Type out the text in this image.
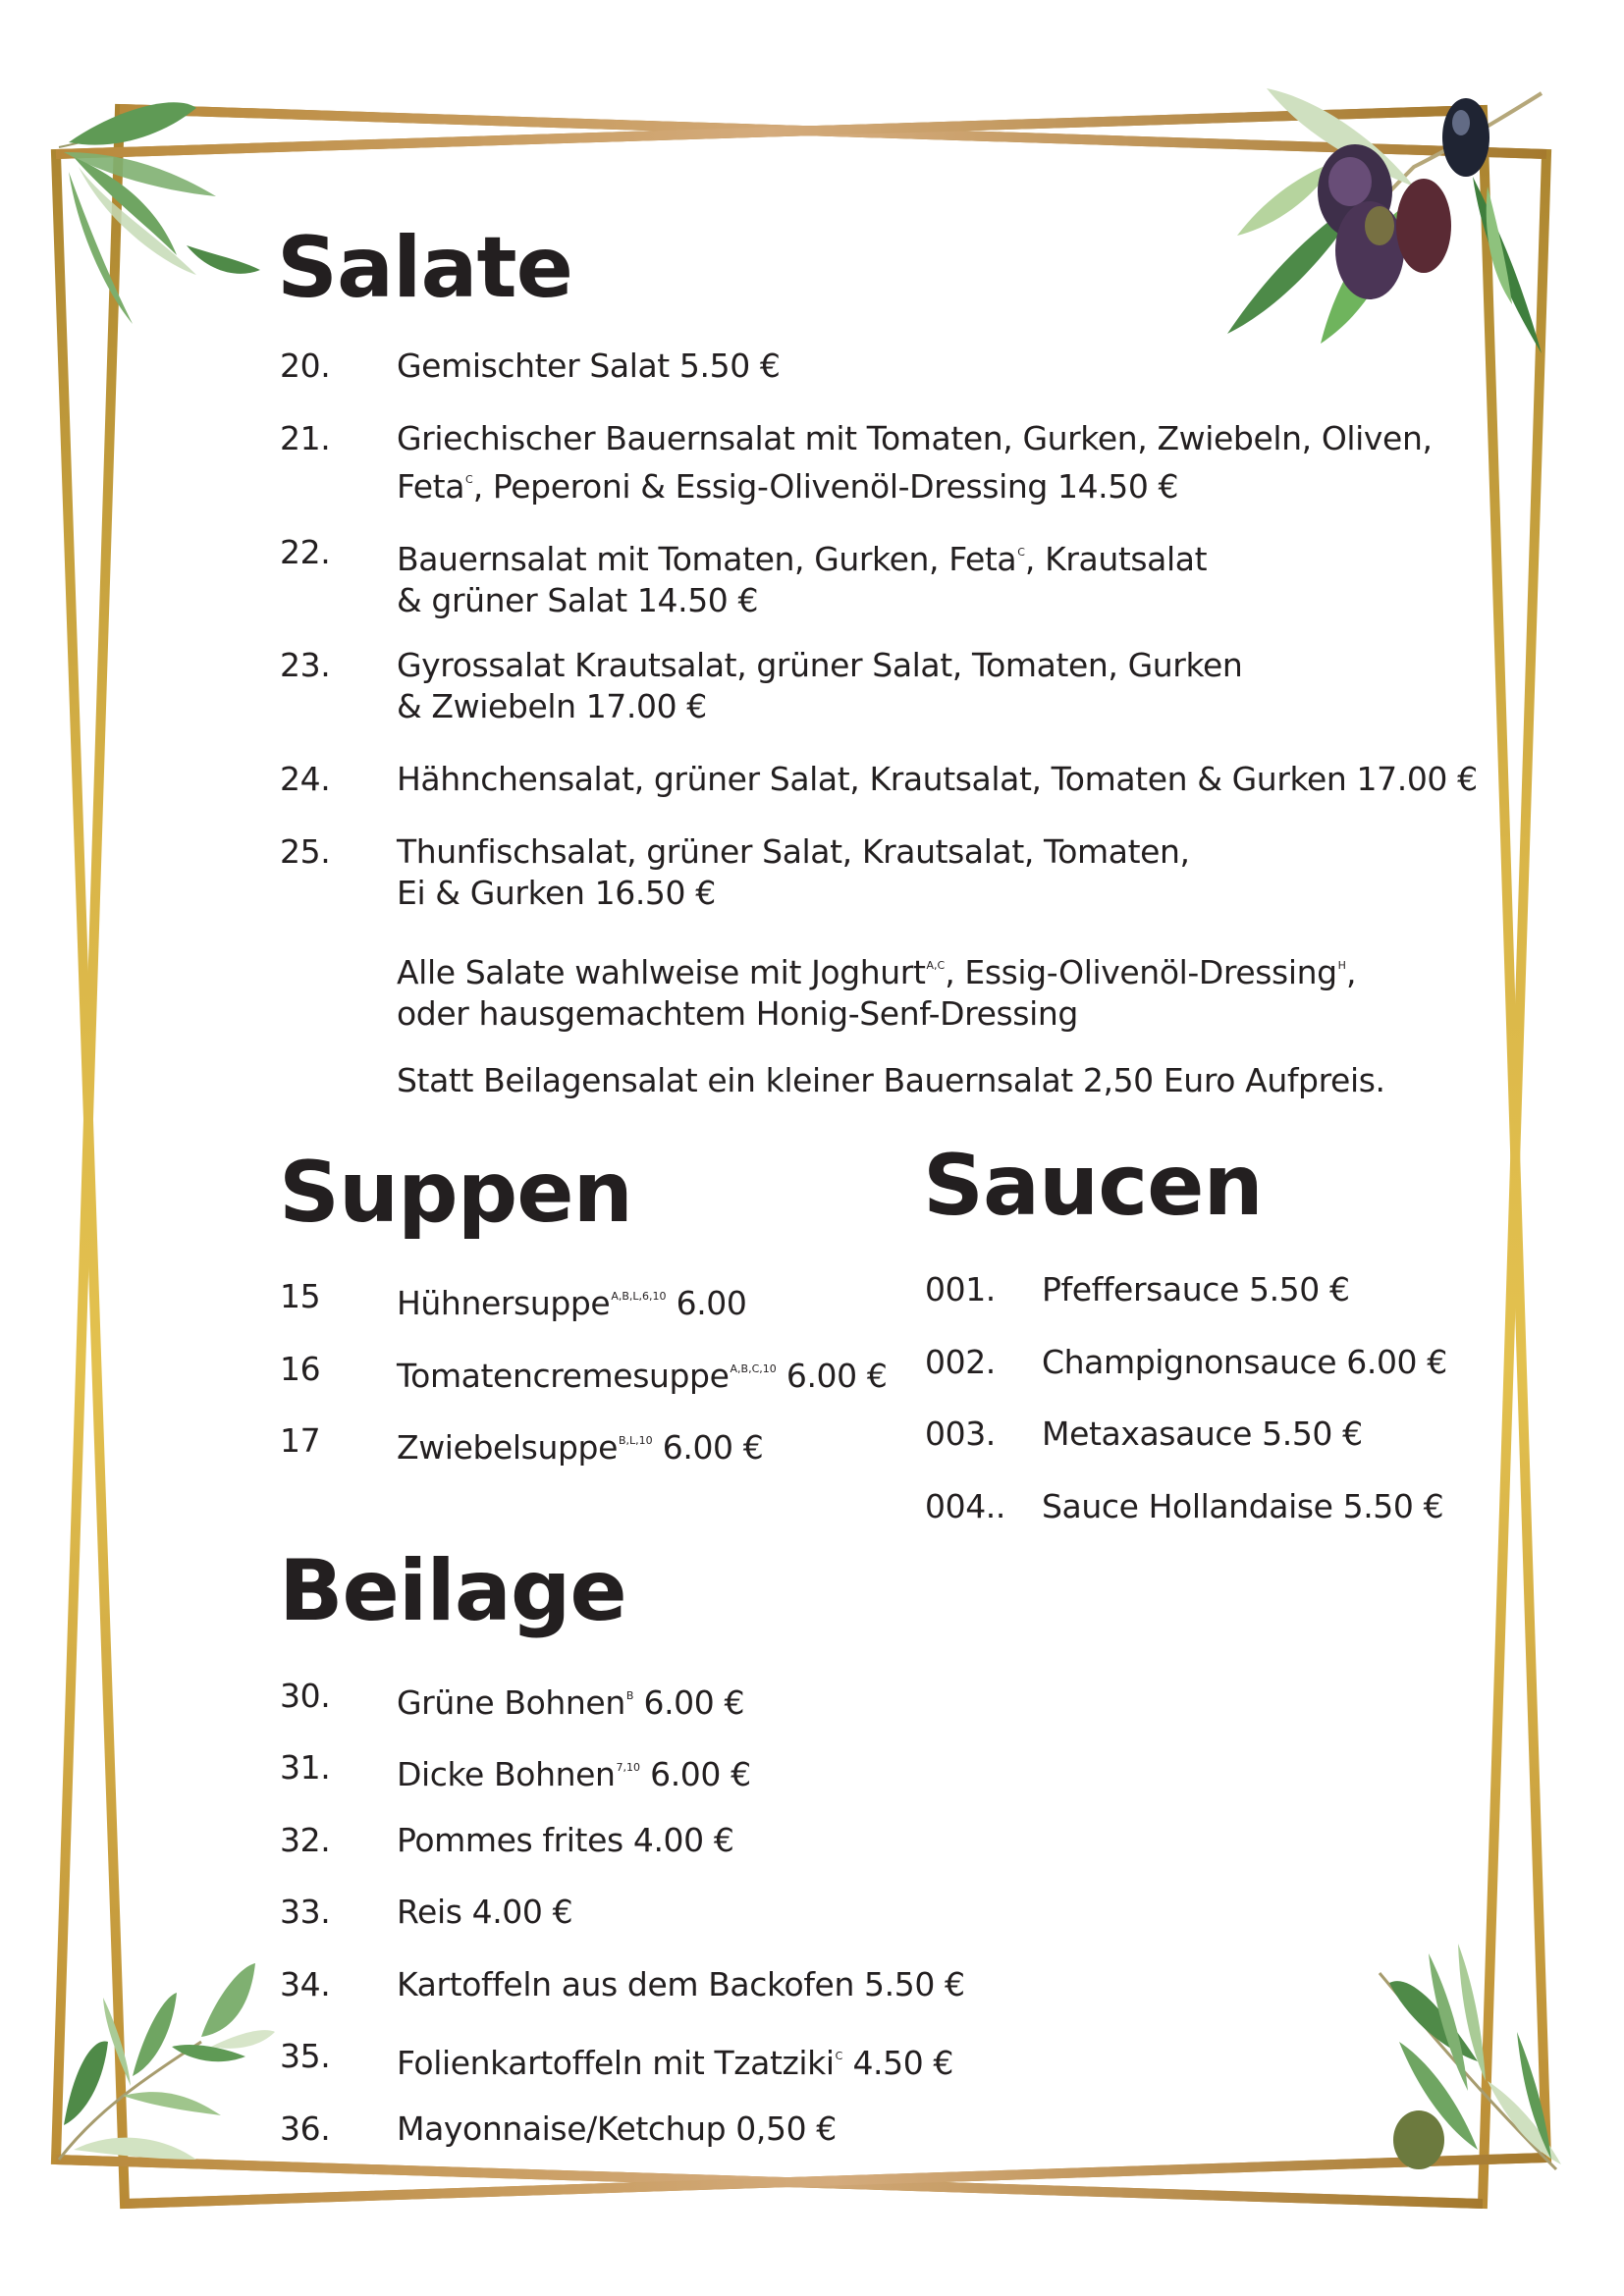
Salate
20. Gemischter Salat 5.50 €
21. Griechischer Bauernsalat mit Tomaten, Gurken, Zwiebeln, Oliven,
Feta$^C$, Peperoni & Essig-Olivenöl-Dressing 14.50 €
22. Bauernsalat mit Tomaten, Gurken, Feta$^C$, Krautsalat
& grüner Salat 14.50 €
23. Gyrossalat Krautsalat, grüner Salat, Tomaten, Gurken
& Zwiebeln 17.00 €
24. Hähnchensalat, grüner Salat, Krautsalat, Tomaten & Gurken 17.00 €
25. Thunfischsalat, grüner Salat, Krautsalat, Tomaten,
Ei & Gurken 16.50 €
Alle Salate wahlweise mit Joghurt$^{A,C}$, Essig-Olivenöl-Dressing$^H$,
oder hausgemachtem Honig-Senf-Dressing
Statt Beilagensalat ein kleiner Bauernsalat 2,50 Euro Aufpreis.
Suppen
15 Hühnersuppe$^{A,B,L,6,10}$ 6.00
16 Tomatencremesuppe$^{A,B,C,10}$ 6.00 €
17 Zwiebelsuppe$^{B,L,10}$ 6.00 €
Saucen
001. Pfeffersauce 5.50 €
002. Champignonsauce 6.00 €
003. Metaxasauce 5.50 €
004.. Sauce Hollandaise 5.50 €
Beilage
30. Grüne Bohnen$^B$ 6.00 €
31. Dicke Bohnen$^{7,10}$ 6.00 €
32. Pommes frites 4.00 €
33. Reis 4.00 €
34. Kartoffeln aus dem Backofen 5.50 €
35. Folienkartoffeln mit Tzatziki$^C$ 4.50 €
36. Mayonnaise/Ketchup 0,50 €
